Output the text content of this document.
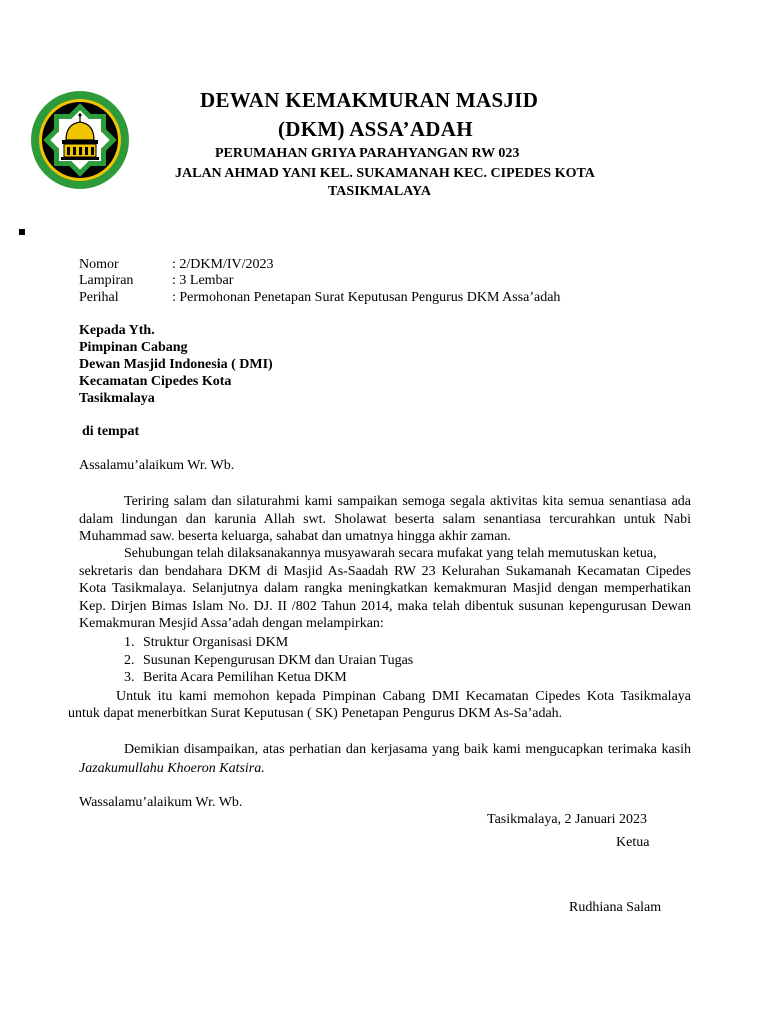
DEWAN KEMAKMURAN MASJID
(DKM) ASSA’ADAH
PERUMAHAN GRIYA PARAHYANGAN RW 023
JALAN AHMAD YANI KEL. SUKAMANAH KEC. CIPEDES KOTA
TASIKMALAYA
Nomor	: 2/DKM/IV/2023
Lampiran	: 3 Lembar
Perihal	: Permohonan Penetapan Surat Keputusan Pengurus DKM Assa’adah
Kepada Yth.
Pimpinan Cabang
Dewan Masjid Indonesia ( DMI)
Kecamatan Cipedes Kota
Tasikmalaya
di tempat
Assalamu’alaikum Wr. Wb.
Teriring salam dan silaturahmi kami sampaikan semoga segala aktivitas kita semua senantiasa ada
dalam lindungan dan karunia Allah swt. Sholawat beserta salam senantiasa tercurahkan untuk Nabi
Muhammad saw. beserta keluarga, sahabat dan umatnya hingga akhir zaman.
Sehubungan telah dilaksanakannya musyawarah secara mufakat yang telah memutuskan ketua,
sekretaris dan bendahara DKM di Masjid As-Saadah RW 23 Kelurahan Sukamanah Kecamatan Cipedes
Kota Tasikmalaya. Selanjutnya dalam rangka meningkatkan kemakmuran Masjid dengan memperhatikan
Kep. Dirjen Bimas Islam No. DJ. II /802 Tahun 2014, maka telah dibentuk susunan kepengurusan Dewan
Kemakmuran Mesjid Assa’adah dengan melampirkan:
1. Struktur Organisasi DKM
2. Susunan Kepengurusan DKM dan Uraian Tugas
3. Berita Acara Pemilihan Ketua DKM
Untuk itu kami memohon kepada Pimpinan Cabang DMI Kecamatan Cipedes Kota Tasikmalaya
untuk dapat menerbitkan Surat Keputusan ( SK) Penetapan Pengurus DKM As-Sa’adah.
Demikian disampaikan, atas perhatian dan kerjasama yang baik kami mengucapkan terimaka kasih
Jazakumullahu Khoeron Katsira.
Wassalamu’alaikum Wr. Wb.
Tasikmalaya, 2 Januari 2023
Ketua
Rudhiana Salam
